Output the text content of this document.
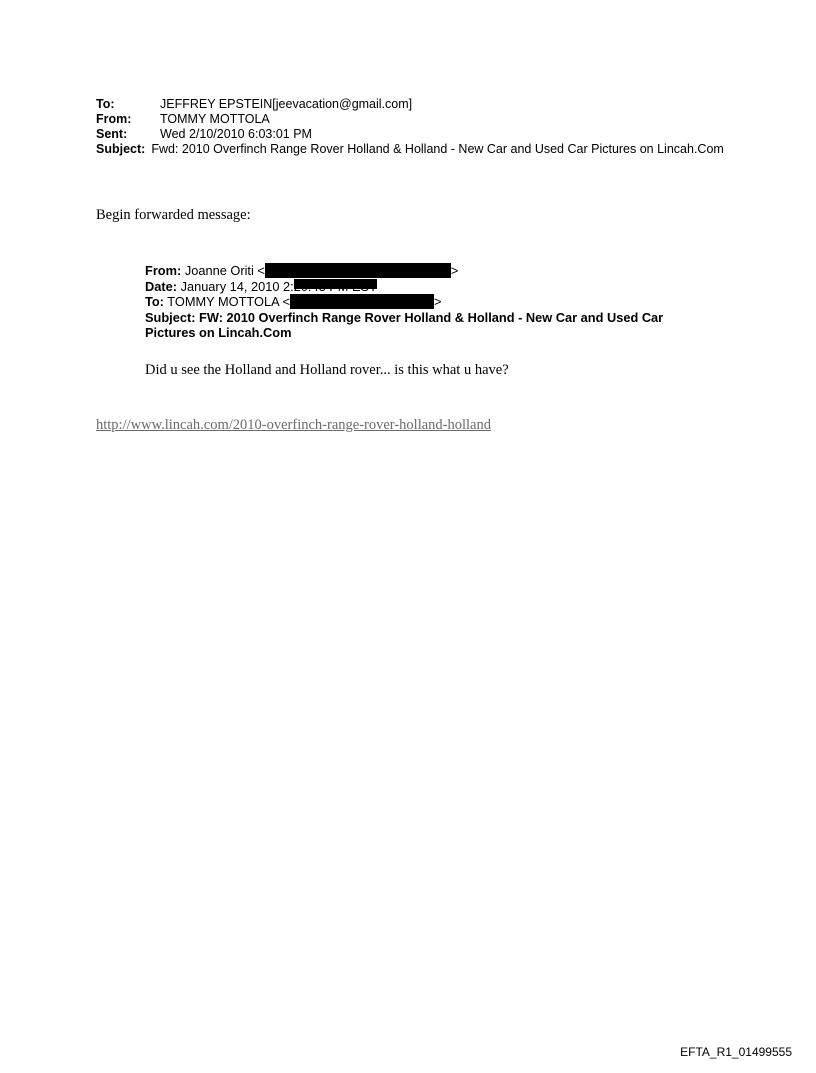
To:	JEFFREY EPSTEIN[jeevacation@gmail.com]
From: TOMMY MOTTOLA
Sent:	Wed 2/10/2010 6:03:01 PM
Subject: Fwd: 2010 Overfinch Range Rover Holland & Holland - New Car and Used Car Pictures on Lincah.Com
Begin forwarded message:
From: Joanne Oriti <	>
Date: January 14, 2010 2:
To: TOMMY MOTTOLA <	>
Subject: FW: 2010 Overfinch Range Rover Holland & Holland - New Car and Used Car Pictures on Lincah.Com
Did u see the Holland and Holland rover... is this what u have?
http://www.lincah.com/2010-overfinch-range-rover-holland-holland
EFTA_R1_01499555
